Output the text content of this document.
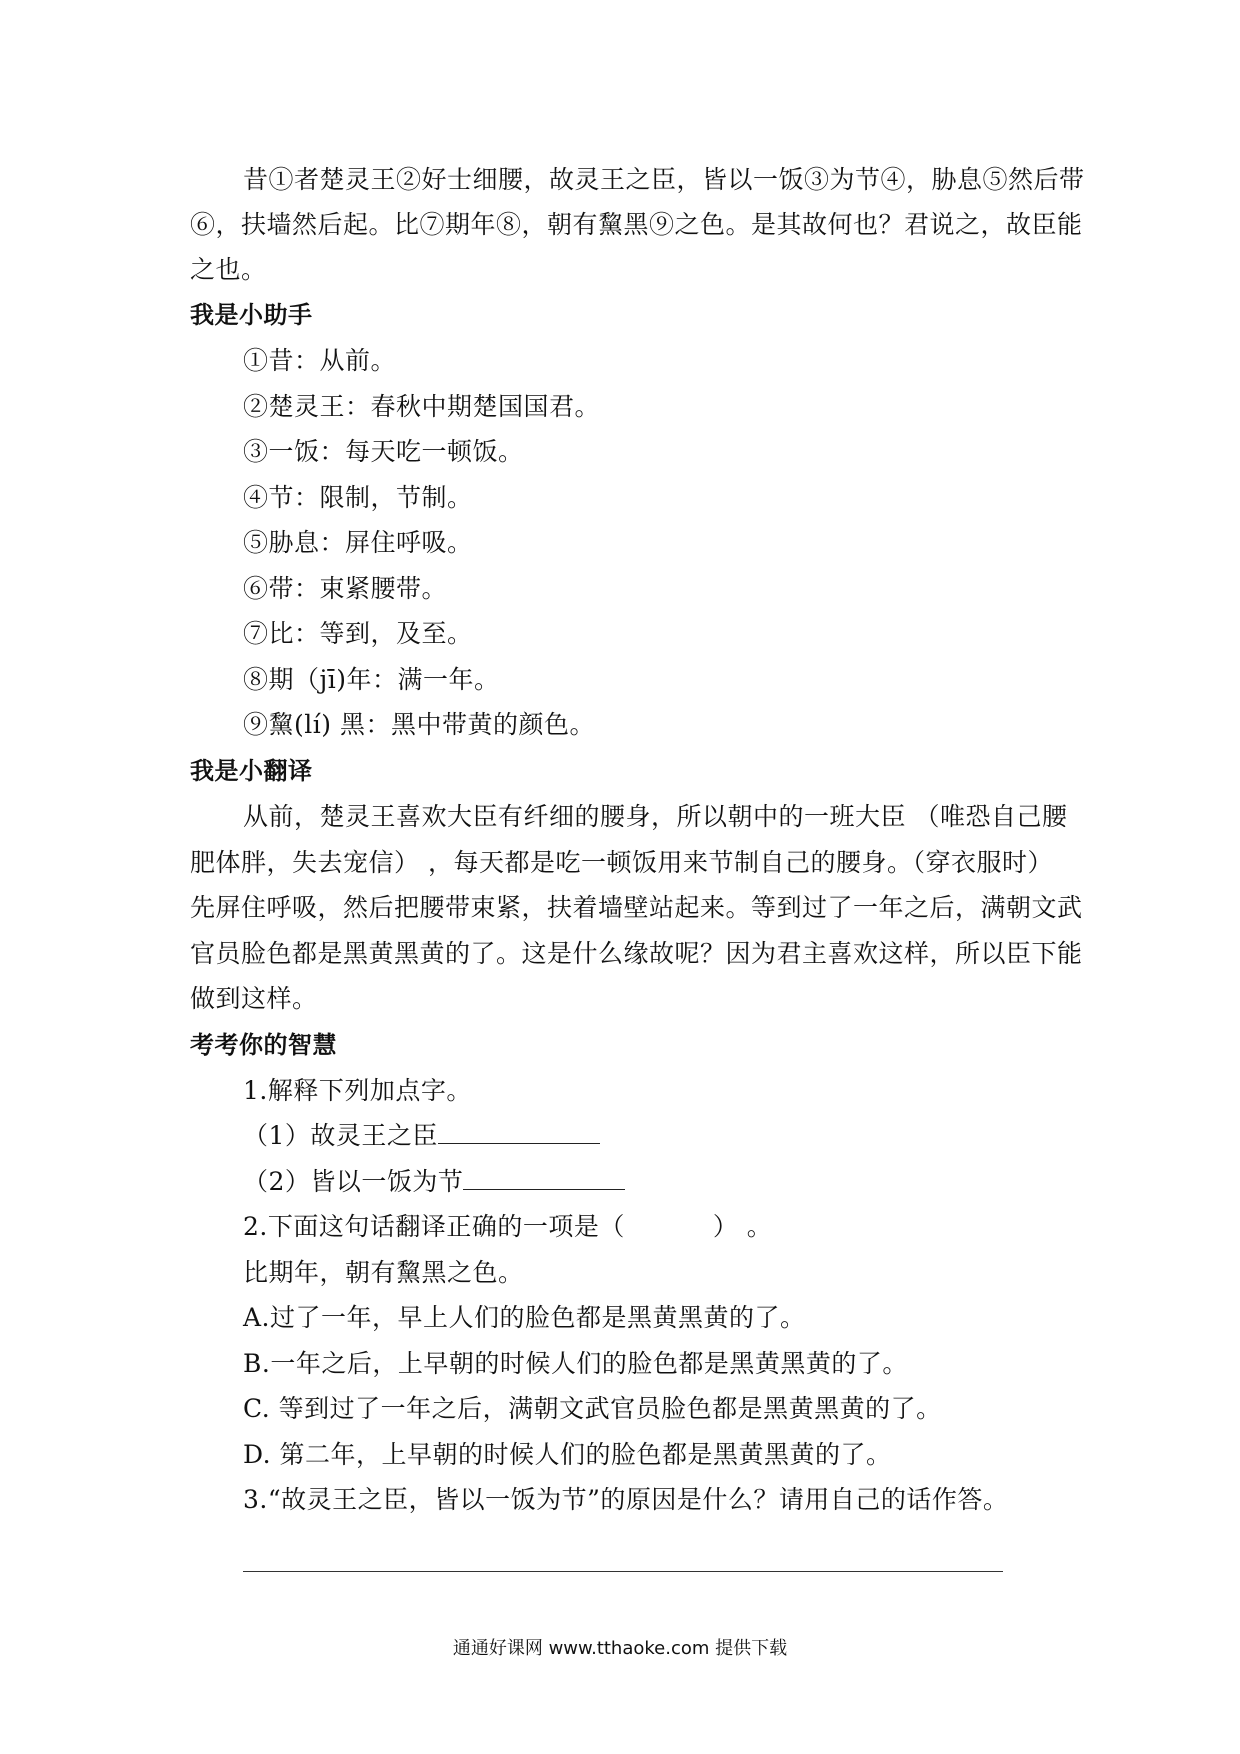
昔①者楚灵王②好士细腰，故灵王之臣，皆以一饭③为节④，胁息⑤然后带
⑥，扶墙然后起。比⑦期年⑧，朝有黧黑⑨之色。是其故何也？君说之，故臣能
之也。
我是小助手
①昔：从前。
②楚灵王：春秋中期楚国国君。
③一饭：每天吃一顿饭。
④节：限制，节制。
⑤胁息：屏住呼吸。
⑥带：束紧腰带。
⑦比：等到，及至。
⑧期（jī)年：满一年。
⑨黧(lí) 黑：黑中带黄的颜色。
我是小翻译
从前，楚灵王喜欢大臣有纤细的腰身，所以朝中的一班大臣 （唯恐自己腰
肥体胖，失去宠信） ，每天都是吃一顿饭用来节制自己的腰身。（穿衣服时）
先屏住呼吸，然后把腰带束紧，扶着墙壁站起来。等到过了一年之后，满朝文武
官员脸色都是黑黄黑黄的了。这是什么缘故呢？因为君主喜欢这样，所以臣下能
做到这样。
考考你的智慧
1.解释下列加点字。
（1）故灵王之臣
（2）皆以一饭为节
2.下面这句话翻译正确的一项是（	） 。
比期年，朝有黧黑之色。
A.过了一年，早上人们的脸色都是黑黄黑黄的了。
B.一年之后，上早朝的时候人们的脸色都是黑黄黑黄的了。
C. 等到过了一年之后，满朝文武官员脸色都是黑黄黑黄的了。
D. 第二年，上早朝的时候人们的脸色都是黑黄黑黄的了。
3.“故灵王之臣，皆以一饭为节”的原因是什么？请用自己的话作答。
通通好课网 www.tthaoke.com 提供下载
